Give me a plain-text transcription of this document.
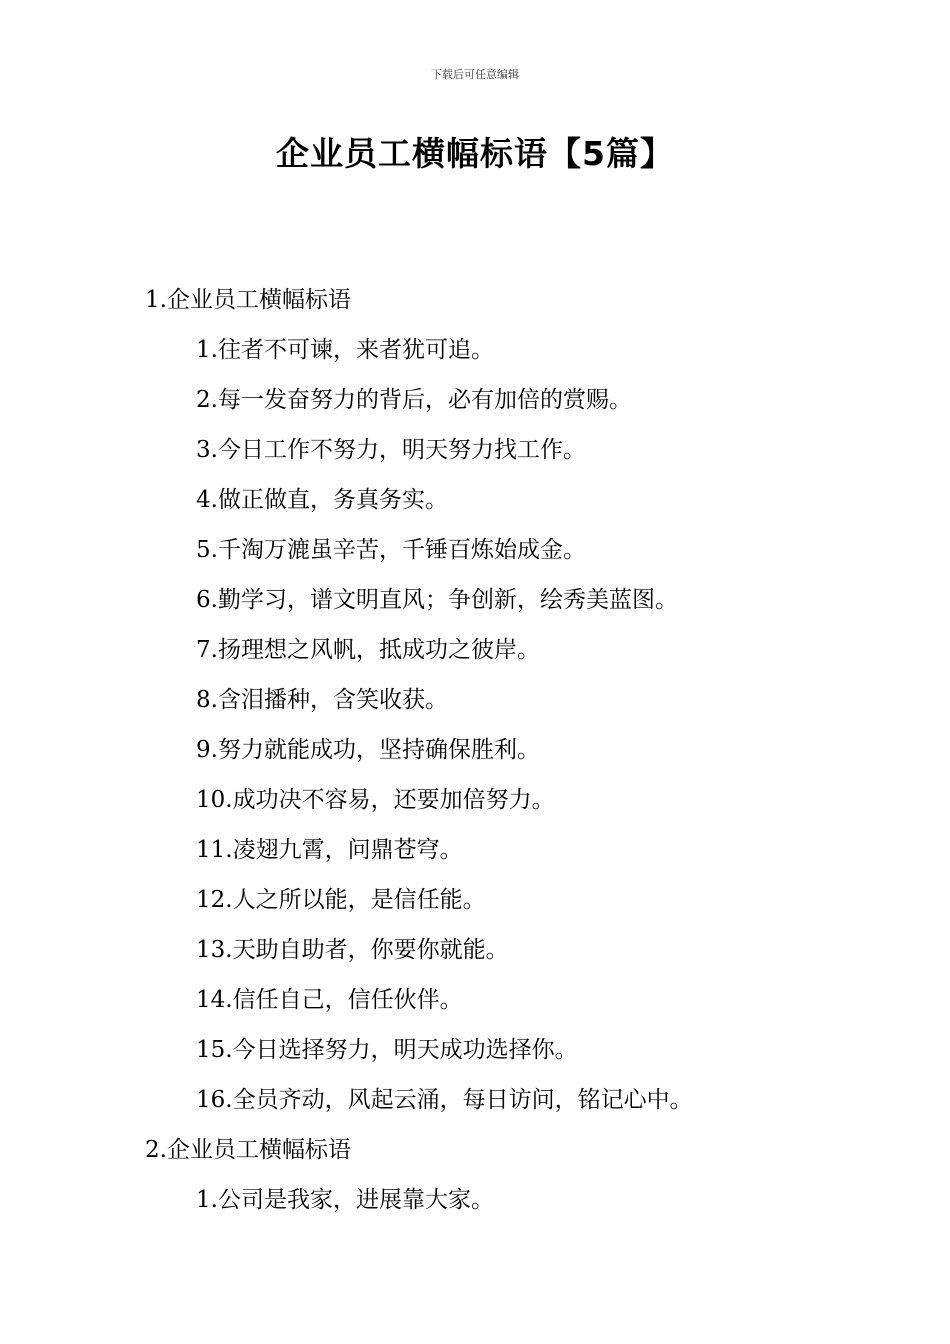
下载后可任意编辑
企业员工横幅标语【5篇】
1.企业员工横幅标语
1.往者不可谏，来者犹可追。
2.每一发奋努力的背后，必有加倍的赏赐。
3.今日工作不努力，明天努力找工作。
4.做正做直，务真务实。
5.千淘万漉虽辛苦，千锤百炼始成金。
6.勤学习，谱文明直风；争创新，绘秀美蓝图。
7.扬理想之风帆，抵成功之彼岸。
8.含泪播种，含笑收获。
9.努力就能成功，坚持确保胜利。
10.成功决不容易，还要加倍努力。
11.凌翅九霄，问鼎苍穹。
12.人之所以能，是信任能。
13.天助自助者，你要你就能。
14.信任自己，信任伙伴。
15.今日选择努力，明天成功选择你。
16.全员齐动，风起云涌，每日访问，铭记心中。
2.企业员工横幅标语
1.公司是我家，进展靠大家。
